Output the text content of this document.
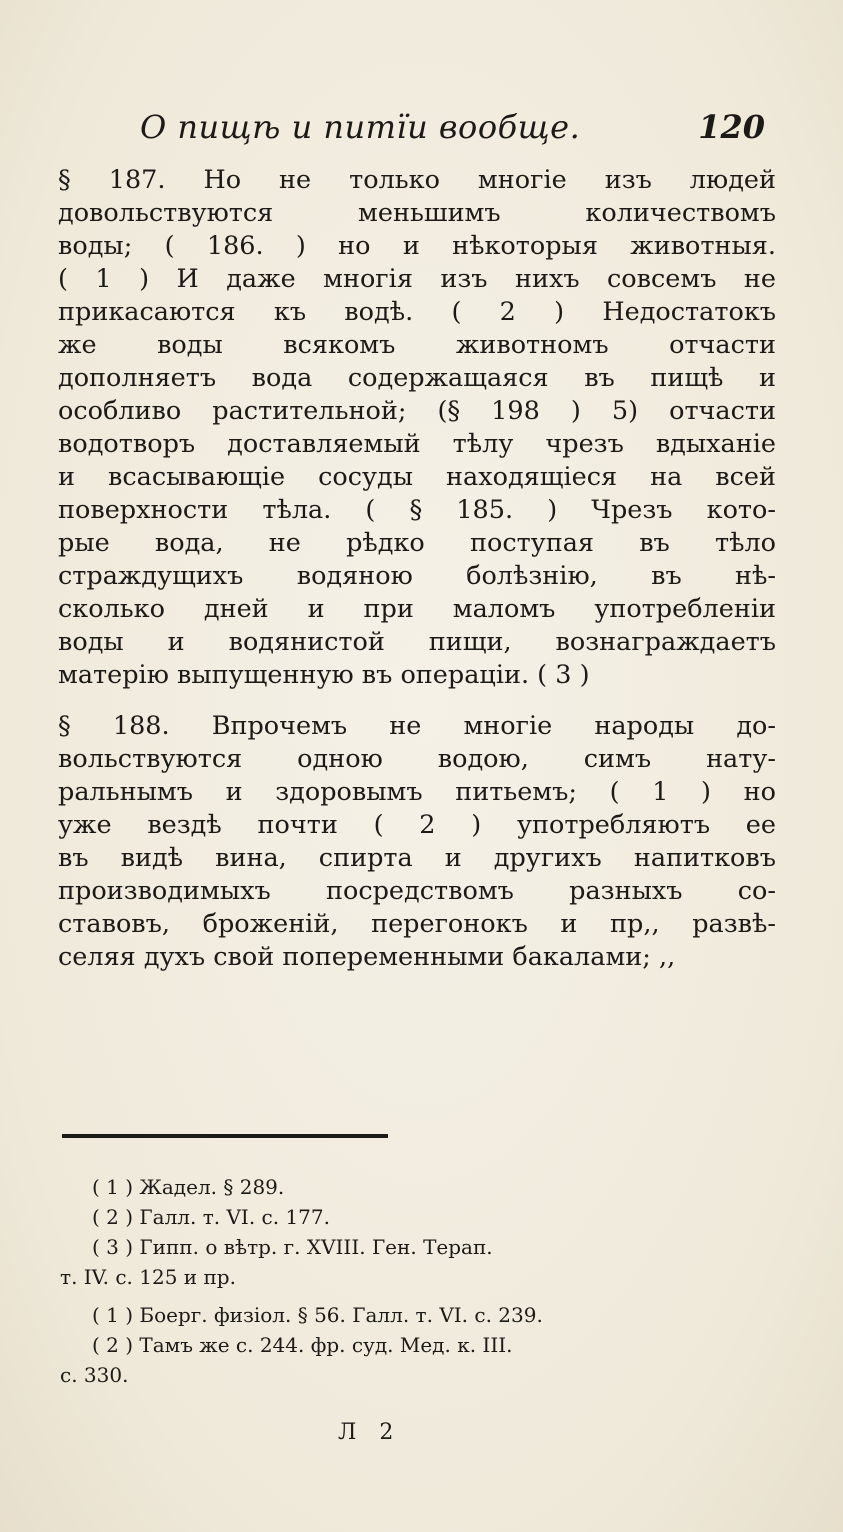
О пищѣ и питїи вообще.	120
§ 187. Но не только многie изъ людей
довольствуются меньшимъ количествомъ
воды; ( 186. ) но и нѣкоторыя животныя.
( 1 ) И даже многiя изъ нихъ совсемъ не
прикасаются къ водѣ. ( 2 ) Недостатокъ
же воды всякомъ животномъ отчасти
дополняетъ вода содержащаяся въ пищѣ и
особливо растительной; (§ 198 ) 5) отчасти
водотворъ доставляемый тѣлу чрезъ вдыханiе
и всасывающiе сосуды находящiеся на всей
поверхности тѣла. ( § 185. ) Чрезъ кото-
рые вода, не рѣдко поступая въ тѣло
страждущихъ водяною болѣзнiю, въ нѣ-
сколько дней и при маломъ употребленiи
воды и водянистой пищи, вознаграждаетъ
матерiю выпущенную въ операцiи. ( 3 )
§ 188. Впрочемъ не многie народы до-
вольствуются одною водою, симъ нату-
ральнымъ и здоровымъ питьемъ; ( 1 ) но
уже вездѣ почти ( 2 ) употребляютъ ее
въ видѣ вина, спирта и другихъ напитковъ
производимыхъ посредствомъ разныхъ со-
ставовъ, броженiй, перегонокъ и пр,, развѣ-
селяя духъ свой попеременными бакалами; ,,
( 1 ) Жадел. § 289.
( 2 ) Галл. т. VI. с. 177.
( 3 ) Гипп. о вѣтр. г. XVIII. Ген. Терап.
т. IV. с. 125 и пр.
( 1 ) Боерг. физiол. § 56. Галл. т. VI. с. 239.
( 2 ) Тамъ же с. 244. фр. суд. Мед. к. III.
с. 330.
Л 2
